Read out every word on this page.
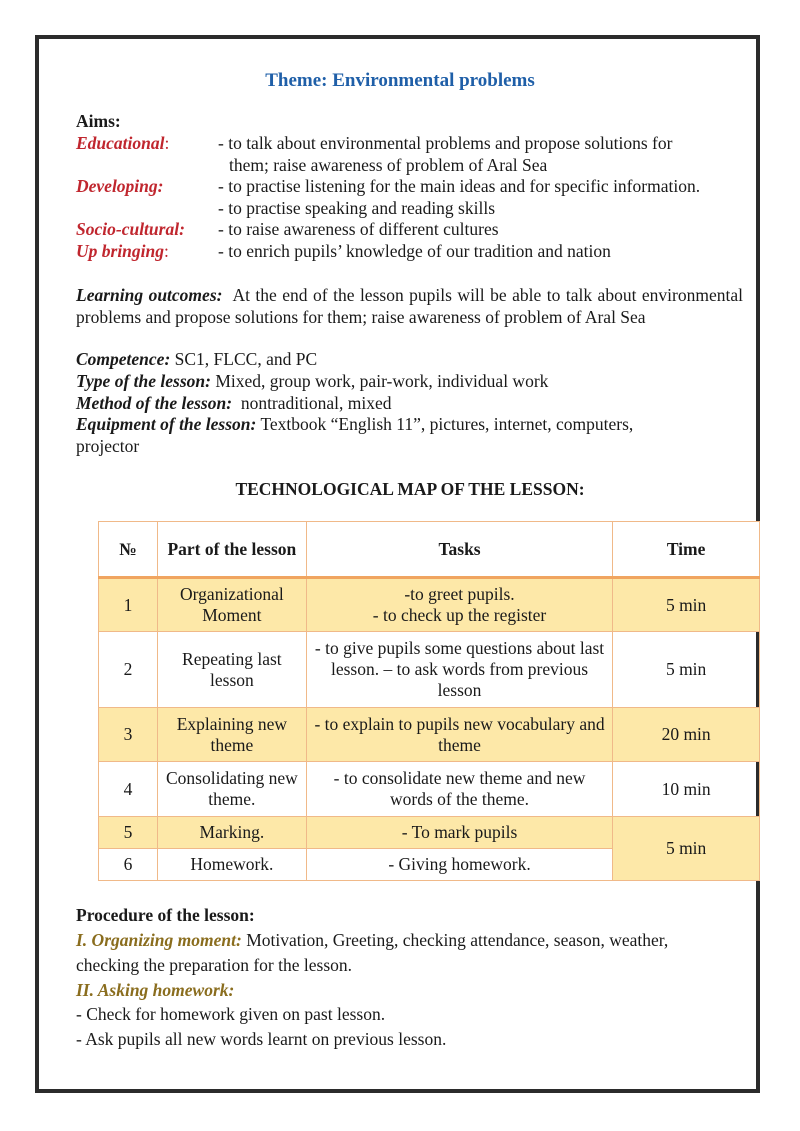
Theme: Environmental problems
Aims:
Educational:	- to talk about environmental problems and propose solutions for
them; raise awareness of problem of Aral Sea
Developing:	- to practise listening for the main ideas and for specific information.
- to practise speaking and reading skills
Socio-cultural: - to raise awareness of different cultures
Up bringing:	- to enrich pupils’ knowledge of our tradition and nation
Learning outcomes: At the end of the lesson pupils will be able to talk about environmental problems and propose solutions for them; raise awareness of problem of Aral Sea
Competence: SC1, FLCC, and PC
Type of the lesson: Mixed, group work, pair-work, individual work
Method of the lesson: nontraditional, mixed
Equipment of the lesson: Textbook “English 11”, pictures, internet, computers,
projector
TECHNOLOGICAL MAP OF THE LESSON:
№	Part of the lesson	Tasks	Time
1	Organizational Moment	-to greet pupils.
- to check up the register	5 min
2	Repeating last lesson	- to give pupils some questions about last lesson. – to ask words from previous lesson	5 min
3	Explaining new theme	- to explain to pupils new vocabulary and theme	20 min
4	Consolidating new theme.	- to consolidate new theme and new words of the theme.	10 min
5	Marking.	- To mark pupils	5 min
6	Homework.	- Giving homework.	
Procedure of the lesson:
I. Organizing moment: Motivation, Greeting, checking attendance, season, weather,
checking the preparation for the lesson.
II. Asking homework:
- Check for homework given on past lesson.
- Ask pupils all new words learnt on previous lesson.
